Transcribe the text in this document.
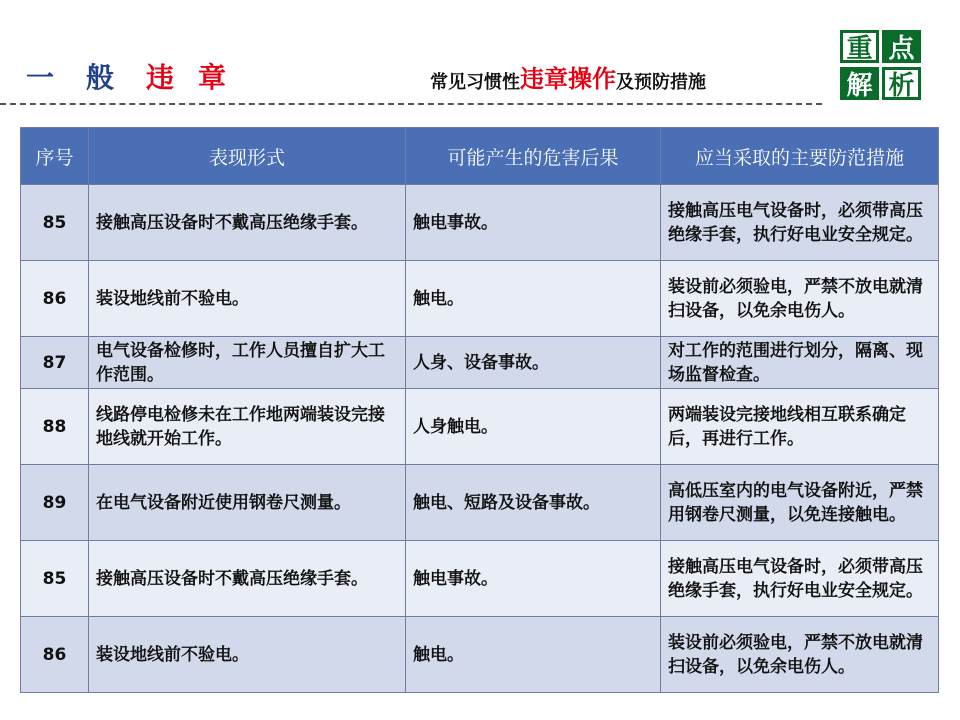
一 般 违 章	常见习惯性 违章操作 及预防措施
重 点
解 析
序号	表现形式	可能产生的危害后果	应当采取的主要防范措施
85	接触高压设备时不戴高压绝缘手套。	触电事故。	接触高压电气设备时，必须带高压绝缘手套，执行好电业安全规定。
86	装设地线前不验电。	触电。	装设前必须验电，严禁不放电就清扫设备，以免余电伤人。
87	电气设备检修时，工作人员擅自扩大工作范围。	人身、设备事故。	对工作的范围进行划分，隔离、现场监督检查。
88	线路停电检修未在工作地两端装设完接地线就开始工作。	人身触电。	两端装设完接地线相互联系确定后，再进行工作。
89	在电气设备附近使用钢卷尺测量。	触电、短路及设备事故。	高低压室内的电气设备附近，严禁用钢卷尺测量，以免连接触电。
85	接触高压设备时不戴高压绝缘手套。	触电事故。	接触高压电气设备时，必须带高压绝缘手套，执行好电业安全规定。
86	装设地线前不验电。	触电。	装设前必须验电，严禁不放电就清扫设备，以免余电伤人。
